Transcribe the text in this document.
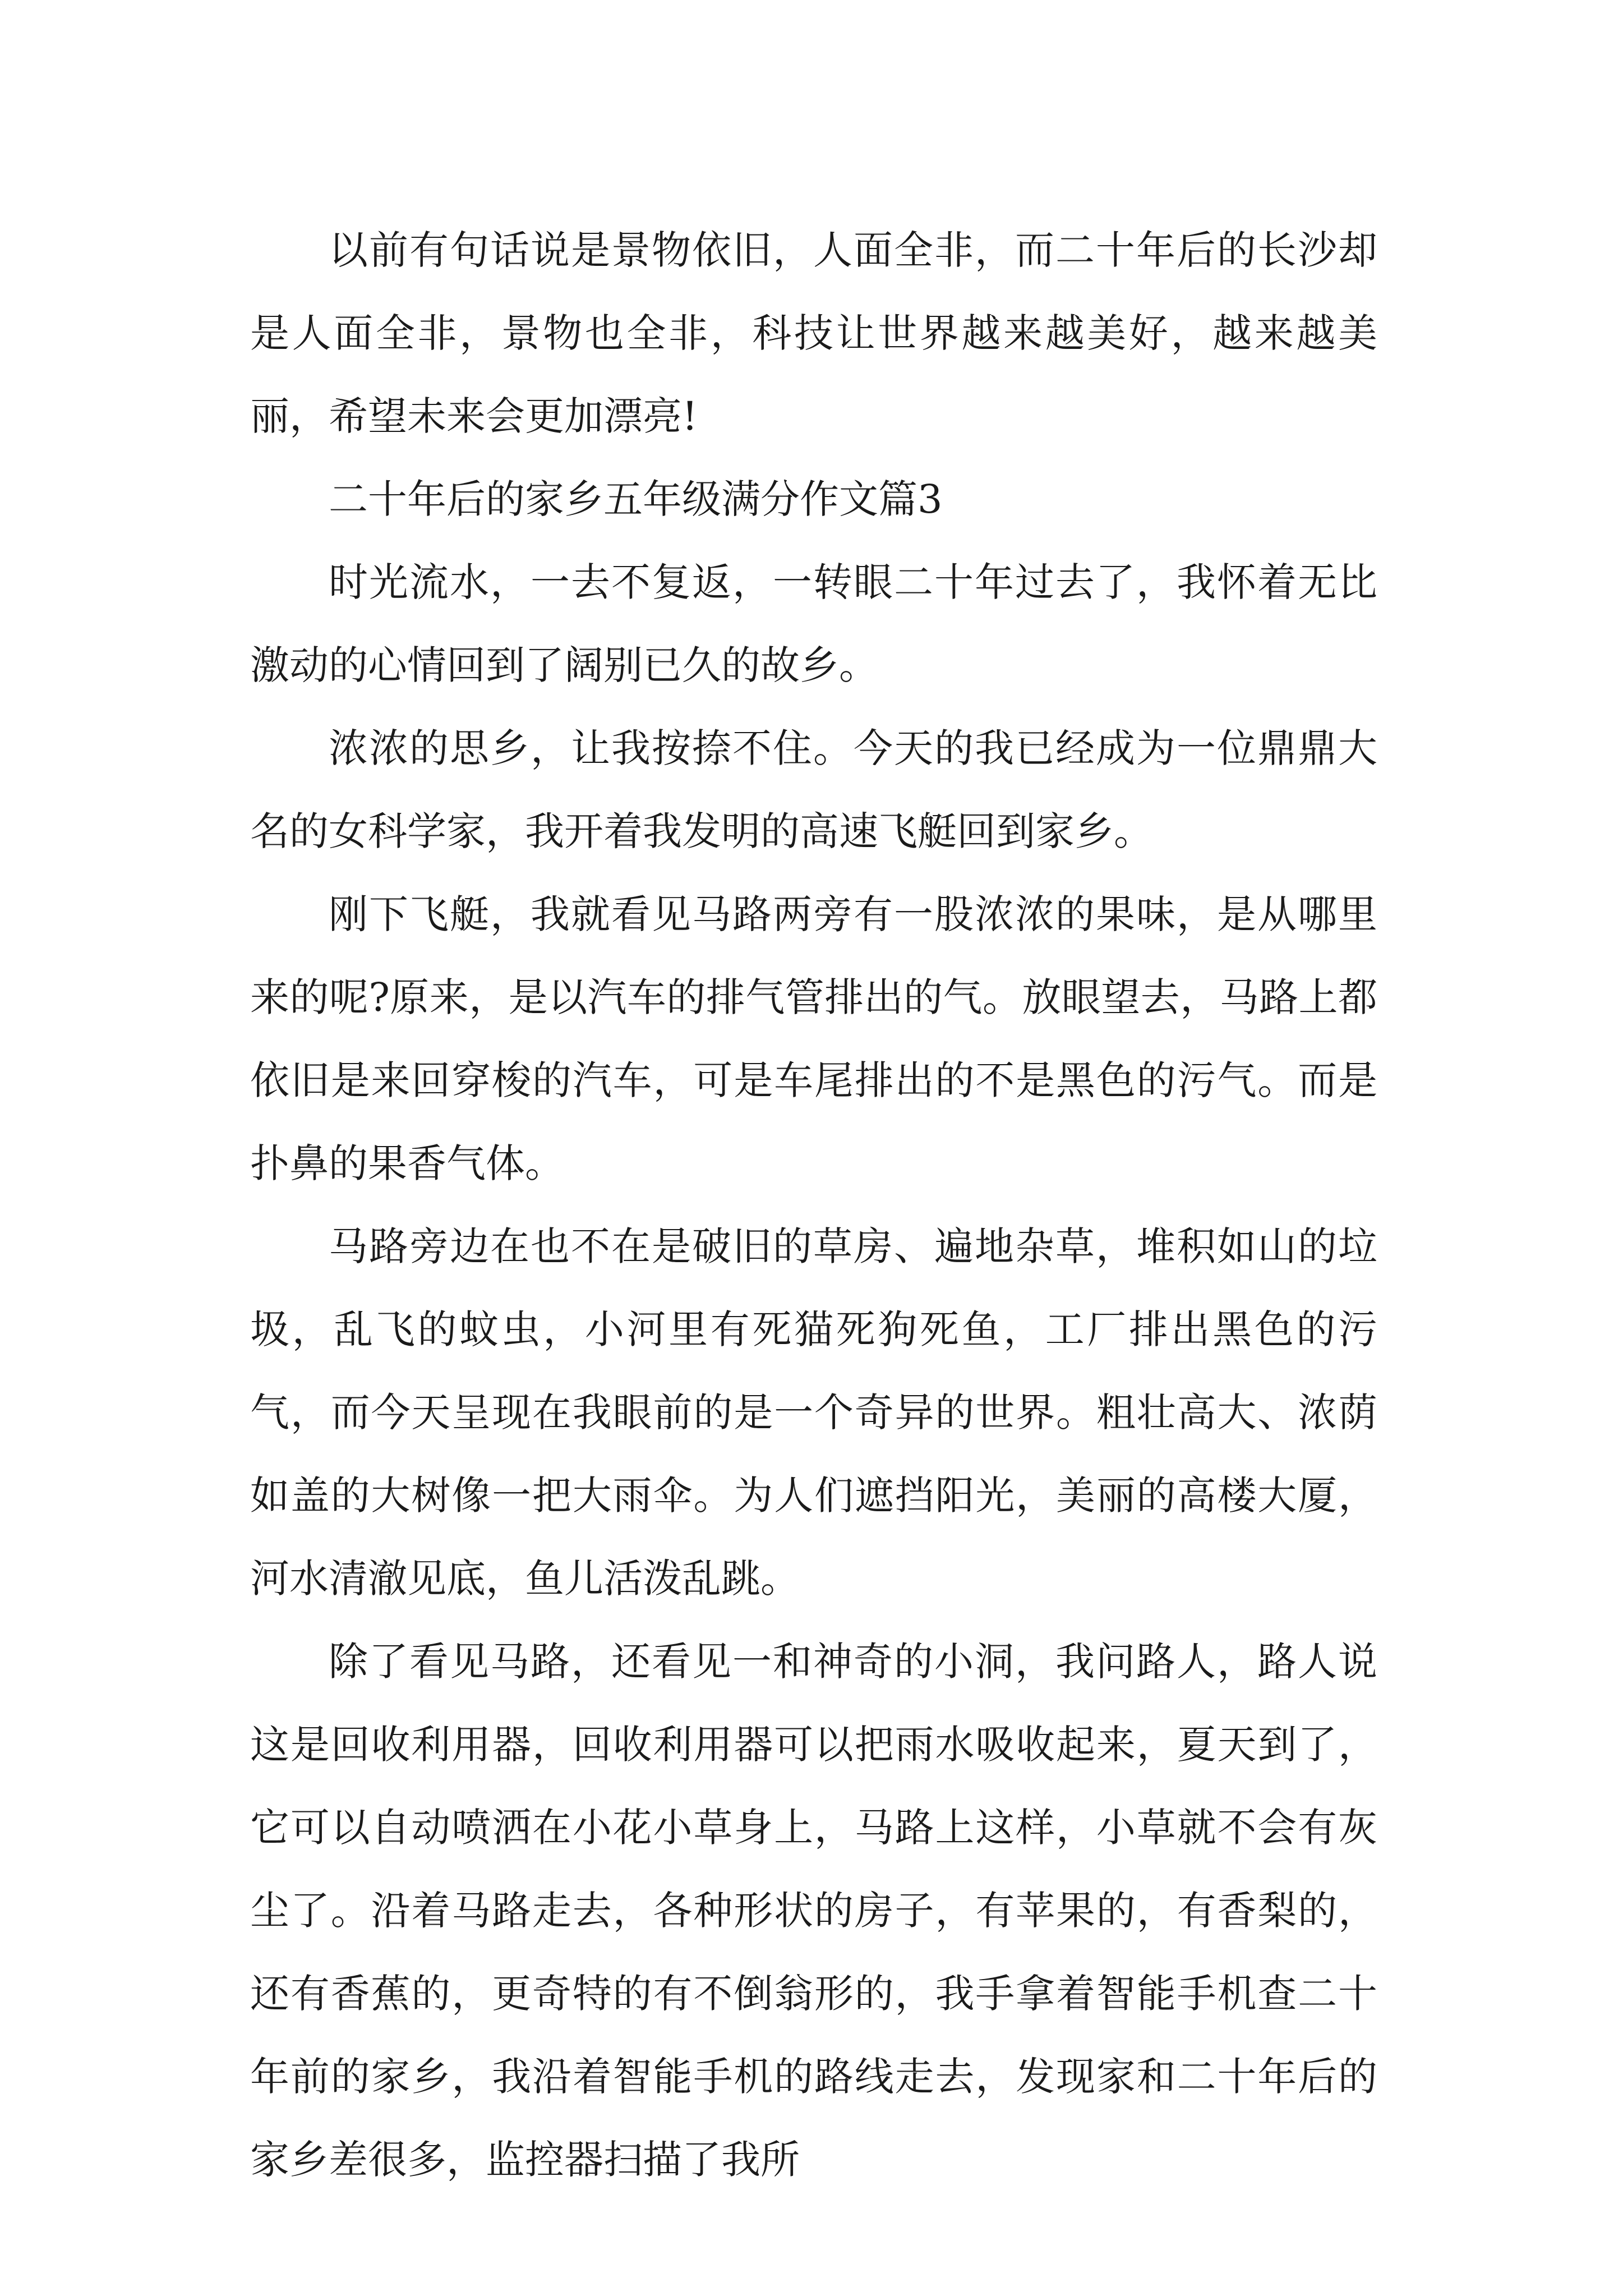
以前有句话说是景物依旧，人面全非，而二十年后的长沙却是人面全非，景物也全非，科技让世界越来越美好，越来越美丽，希望未来会更加漂亮!

二十年后的家乡五年级满分作文篇3

时光流水，一去不复返，一转眼二十年过去了，我怀着无比激动的心情回到了阔别已久的故乡。

浓浓的思乡，让我按捺不住。今天的我已经成为一位鼎鼎大名的女科学家，我开着我发明的高速飞艇回到家乡。

刚下飞艇，我就看见马路两旁有一股浓浓的果味，是从哪里来的呢?原来，是以汽车的排气管排出的气。放眼望去，马路上都依旧是来回穿梭的汽车，可是车尾排出的不是黑色的污气。而是扑鼻的果香气体。

马路旁边在也不在是破旧的草房、遍地杂草，堆积如山的垃圾，乱飞的蚊虫，小河里有死猫死狗死鱼，工厂排出黑色的污气，而今天呈现在我眼前的是一个奇异的世界。粗壮高大、浓荫如盖的大树像一把大雨伞。为人们遮挡阳光，美丽的高楼大厦，河水清澈见底，鱼儿活泼乱跳。

除了看见马路，还看见一和神奇的小洞，我问路人，路人说这是回收利用器，回收利用器可以把雨水吸收起来，夏天到了，它可以自动喷洒在小花小草身上，马路上这样，小草就不会有灰尘了。沿着马路走去，各种形状的房子，有苹果的，有香梨的，还有香蕉的，更奇特的有不倒翁形的，我手拿着智能手机查二十年前的家乡，我沿着智能手机的路线走去，发现家和二十年后的家乡差很多，监控器扫描了我所
